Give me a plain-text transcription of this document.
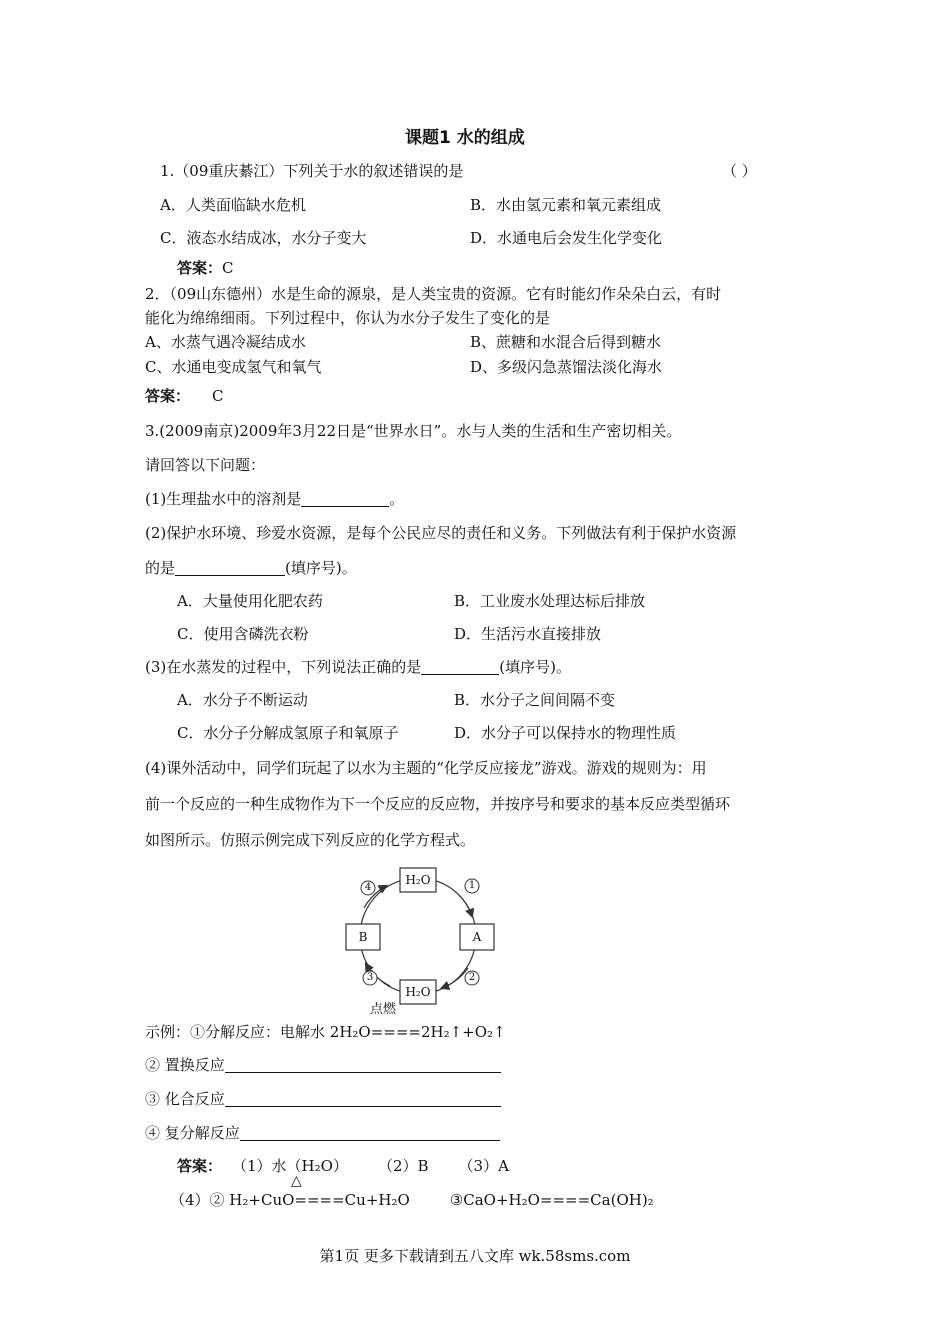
课题1 水的组成
1.（09重庆綦江）下列关于水的叙述错误的是	（ ）
A．人类面临缺水危机	B．水由氢元素和氧元素组成
C．液态水结成冰，水分子变大	D．水通电后会发生化学变化
答案：C
2．（09山东德州）水是生命的源泉，是人类宝贵的资源。它有时能幻作朵朵白云，有时
能化为绵绵细雨。下列过程中，你认为水分子发生了变化的是
A、水蒸气遇冷凝结成水	B、蔗糖和水混合后得到糖水
C、水通电变成氢气和氧气	D、多级闪急蒸馏法淡化海水
答案： C
3.(2009南京)2009年3月22日是“世界水日”。水与人类的生活和生产密切相关。
请回答以下问题：
(1)生理盐水中的溶剂是	。
(2)保护水环境、珍爱水资源，是每个公民应尽的责任和义务。下列做法有利于保护水资源
的是	(填序号)。
A．大量使用化肥农药	B．工业废水处理达标后排放
C．使用含磷洗衣粉	D．生活污水直接排放
(3)在水蒸发的过程中，下列说法正确的是	(填序号)。
A．水分子不断运动	B．水分子之间间隔不变
C．水分子分解成氢原子和氧原子	D．水分子可以保持水的物理性质
(4)课外活动中，同学们玩起了以水为主题的“化学反应接龙”游戏。游戏的规则为：用
前一个反应的一种生成物作为下一个反应的反应物，并按序号和要求的基本反应类型循环
如图所示。仿照示例完成下列反应的化学方程式。
H₂O
A
H₂O
B
1
2
3
4
点燃
示例：①分解反应：电解水 2H₂O====2H₂↑+O₂↑
② 置换反应
③ 化合反应
④ 复分解反应
答案： （1）水（H₂O） （2）B （3）A
△
（4）② H₂+CuO====Cu+H₂O	③CaO+H₂O====Ca(OH)₂
第1页 更多下载请到五八文库 wk.58sms.com
